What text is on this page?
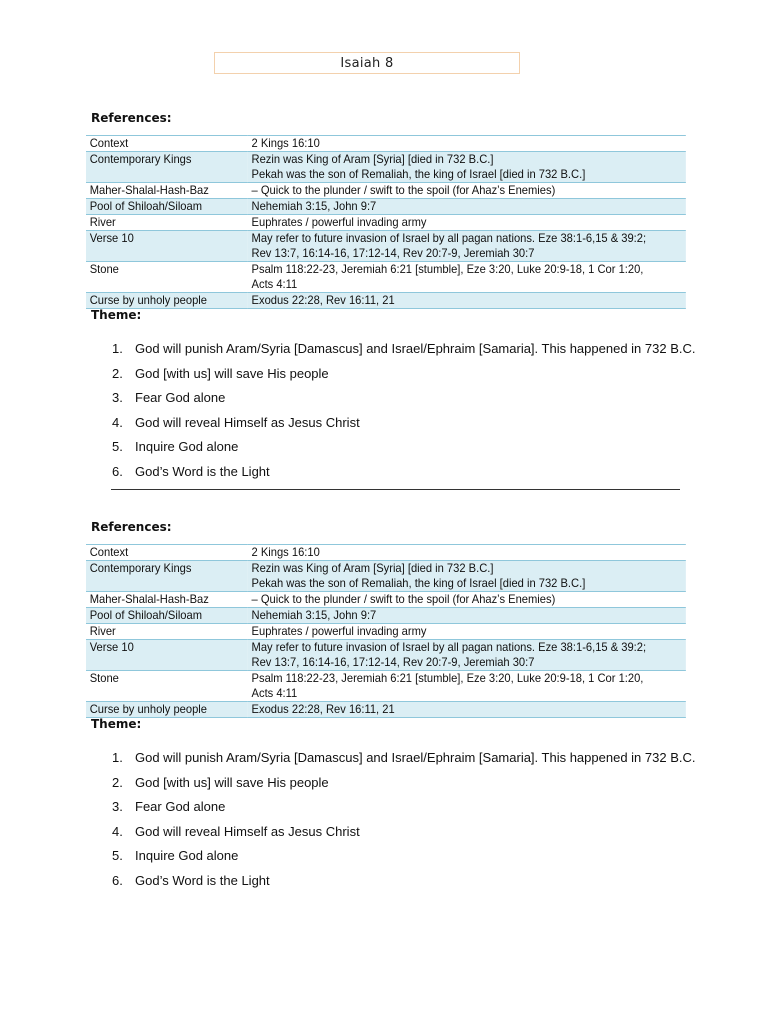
Isaiah 8
References:
Context	2 Kings 16:10
Contemporary Kings	Rezin was King of Aram [Syria] [died in 732 B.C.]
Pekah was the son of Remaliah, the king of Israel [died in 732 B.C.]
Maher-Shalal-Hash-Baz	– Quick to the plunder / swift to the spoil (for Ahaz’s Enemies)
Pool of Shiloah/Siloam	Nehemiah 3:15, John 9:7
River	Euphrates / powerful invading army
Verse 10	May refer to future invasion of Israel by all pagan nations. Eze 38:1-6,15 & 39:2;
Rev 13:7, 16:14-16, 17:12-14, Rev 20:7-9, Jeremiah 30:7
Stone	Psalm 118:22-23, Jeremiah 6:21 [stumble], Eze 3:20, Luke 20:9-18, 1 Cor 1:20,
Acts 4:11
Curse by unholy people	Exodus 22:28, Rev 16:11, 21
Theme:
1. God will punish Aram/Syria [Damascus] and Israel/Ephraim [Samaria]. This happened in 732 B.C.
2. God [with us] will save His people
3. Fear God alone
4. God will reveal Himself as Jesus Christ
5. Inquire God alone
6. God’s Word is the Light
References:
Context	2 Kings 16:10
Contemporary Kings	Rezin was King of Aram [Syria] [died in 732 B.C.]
Pekah was the son of Remaliah, the king of Israel [died in 732 B.C.]
Maher-Shalal-Hash-Baz	– Quick to the plunder / swift to the spoil (for Ahaz’s Enemies)
Pool of Shiloah/Siloam	Nehemiah 3:15, John 9:7
River	Euphrates / powerful invading army
Verse 10	May refer to future invasion of Israel by all pagan nations. Eze 38:1-6,15 & 39:2;
Rev 13:7, 16:14-16, 17:12-14, Rev 20:7-9, Jeremiah 30:7
Stone	Psalm 118:22-23, Jeremiah 6:21 [stumble], Eze 3:20, Luke 20:9-18, 1 Cor 1:20,
Acts 4:11
Curse by unholy people	Exodus 22:28, Rev 16:11, 21
Theme:
1. God will punish Aram/Syria [Damascus] and Israel/Ephraim [Samaria]. This happened in 732 B.C.
2. God [with us] will save His people
3. Fear God alone
4. God will reveal Himself as Jesus Christ
5. Inquire God alone
6. God’s Word is the Light
